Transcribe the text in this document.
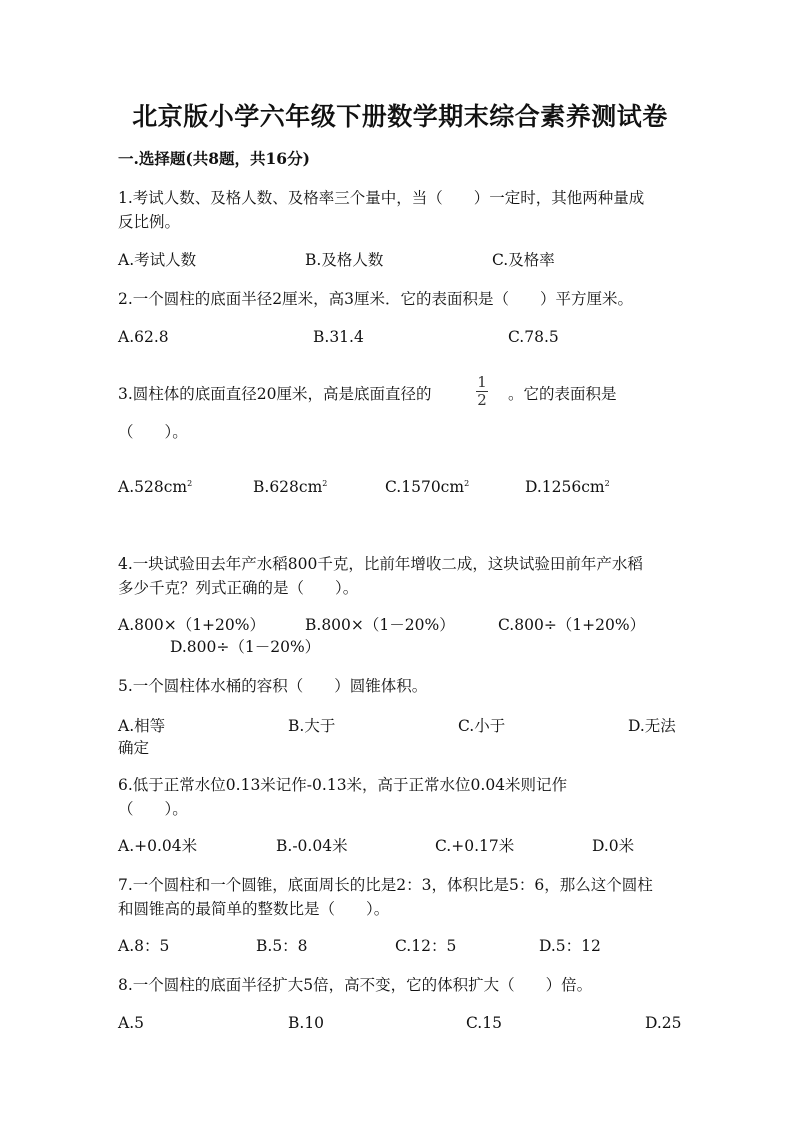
北京版小学六年级下册数学期末综合素养测试卷
一.选择题(共8题，共16分)
1.考试人数、及格人数、及格率三个量中，当（　　）一定时，其他两种量成
反比例。
A.考试人数	B.及格人数	C.及格率
2.一个圆柱的底面半径2厘米，高3厘米．它的表面积是（　　）平方厘米。
A.62.8	B.31.4	C.78.5
3.圆柱体的底面直径20厘米，高是底面直径的
1
2 。它的表面积是
（　　）。
$A.528cm^2$	$B.628cm^2$	$C.1570cm^2$	$D.1256cm^2$
4.一块试验田去年产水稻800千克，比前年增收二成，这块试验田前年产水稻
多少千克？列式正确的是（　　）。
A.800×（1+20%）	B.800×（1－20%）	C.800÷（1+20%）
D.800÷（1－20%）
5.一个圆柱体水桶的容积（　　）圆锥体积。
A.相等	B.大于	C.小于	D.无法
确定
6.低于正常水位0.13米记作-0.13米，高于正常水位0.04米则记作
（　　）。
A.+0.04米	B.-0.04米	C.+0.17米	D.0米
7.一个圆柱和一个圆锥，底面周长的比是2：3，体积比是5：6，那么这个圆柱
和圆锥高的最简单的整数比是（　　）。
A.8：5	B.5：8	C.12：5	D.5：12
8.一个圆柱的底面半径扩大5倍，高不变，它的体积扩大（　　）倍。
A.5	B.10	C.15	D.25
